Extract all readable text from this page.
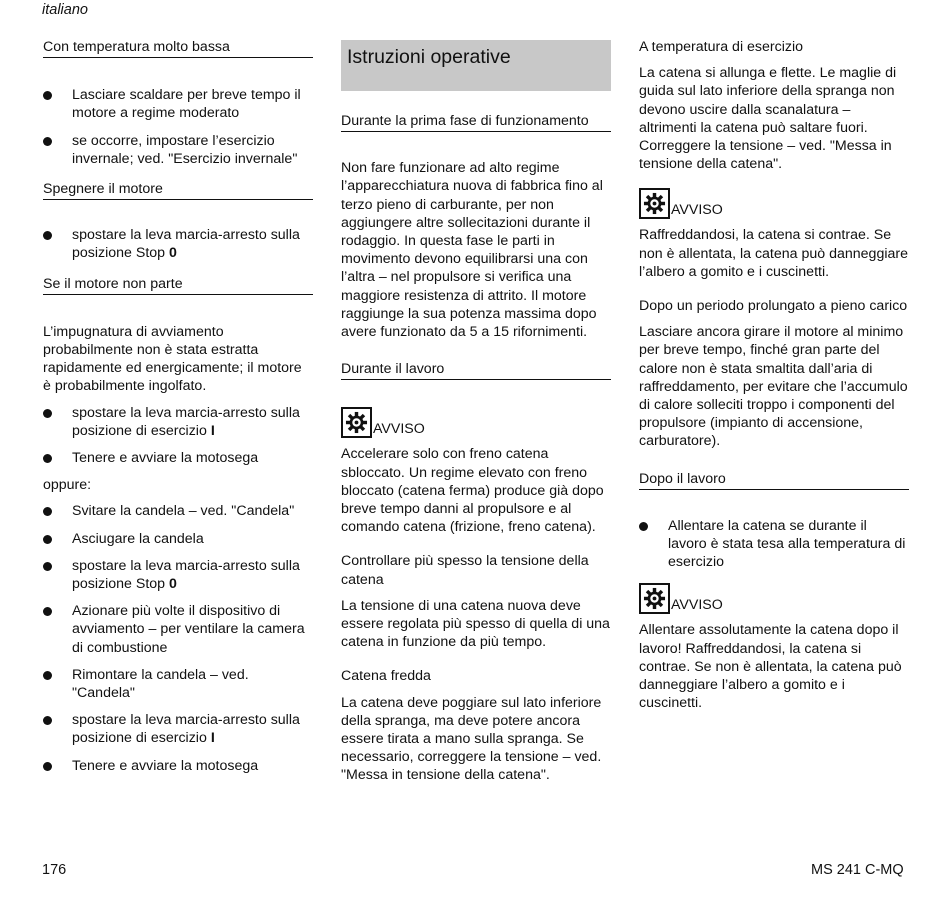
italiano
Con temperatura molto bassa
Lasciare scaldare per breve tempo il motore a regime moderato
se occorre, impostare l’esercizio invernale; ved. "Esercizio invernale"
Spegnere il motore
spostare la leva marcia-arresto sulla posizione Stop 0
Se il motore non parte

L’impugnatura di avviamento probabilmente non è stata estratta rapidamente ed energicamente; il motore è probabilmente ingolfato.

spostare la leva marcia-arresto sulla posizione di esercizio I
Tenere e avviare la motosega

oppure:

Svitare la candela – ved. "Candela"
Asciugare la candela
spostare la leva marcia-arresto sulla posizione Stop 0
Azionare più volte il dispositivo di avviamento – per ventilare la camera di combustione
Rimontare la candela – ved. "Candela"
spostare la leva marcia-arresto sulla posizione di esercizio I
Tenere e avviare la motosega
Istruzioni operative
Durante la prima fase di funzionamento

Non fare funzionare ad alto regime l’apparecchiatura nuova di fabbrica fino al terzo pieno di carburante, per non aggiungere altre sollecitazioni durante il rodaggio. In questa fase le parti in movimento devono equilibrarsi una con l’altra – nel propulsore si verifica una maggiore resistenza di attrito. Il motore raggiunge la sua potenza massima dopo avere funzionato da 5 a 15 rifornimenti.

Durante il lavoro
AVVISO

Accelerare solo con freno catena sbloccato. Un regime elevato con freno bloccato (catena ferma) produce già dopo breve tempo danni al propulsore e al comando catena (frizione, freno catena).

Controllare più spesso la tensione della catena

La tensione di una catena nuova deve essere regolata più spesso di quella di una catena in funzione da più tempo.

Catena fredda

La catena deve poggiare sul lato inferiore della spranga, ma deve potere ancora essere tirata a mano sulla spranga. Se necessario, correggere la tensione – ved. "Messa in tensione della catena".

A temperatura di esercizio

La catena si allunga e flette. Le maglie di guida sul lato inferiore della spranga non devono uscire dalla scanalatura – altrimenti la catena può saltare fuori. Correggere la tensione – ved. "Messa in tensione della catena".

AVVISO

Raffreddandosi, la catena si contrae. Se non è allentata, la catena può danneggiare l’albero a gomito e i cuscinetti.

Dopo un periodo prolungato a pieno carico

Lasciare ancora girare il motore al minimo per breve tempo, finché gran parte del calore non è stata smaltita dall’aria di raffreddamento, per evitare che l’accumulo di calore solleciti troppo i componenti del propulsore (impianto di accensione, carburatore).

Dopo il lavoro
Allentare la catena se durante il lavoro è stata tesa alla temperatura di esercizio
AVVISO

Allentare assolutamente la catena dopo il lavoro! Raffreddandosi, la catena si contrae. Se non è allentata, la catena può danneggiare l’albero a gomito e i cuscinetti.

176	MS 241 C-MQ
